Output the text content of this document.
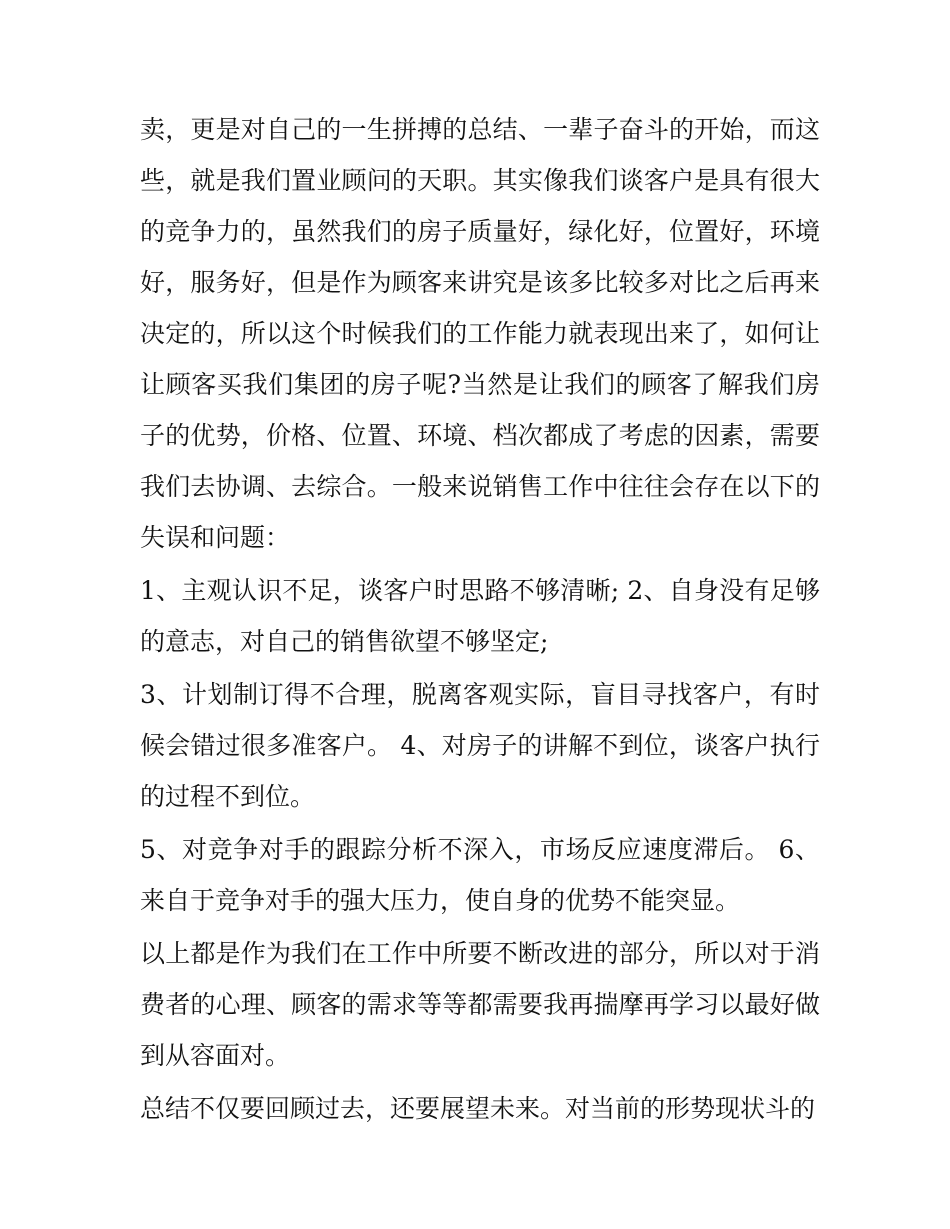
卖，更是对自己的一生拼搏的总结、一辈子奋斗的开始，而这些，就是我们置业顾问的天职。其实像我们谈客户是具有很大的竞争力的，虽然我们的房子质量好，绿化好，位置好，环境好，服务好，但是作为顾客来讲究是该多比较多对比之后再来决定的，所以这个时候我们的工作能力就表现出来了，如何让让顾客买我们集团的房子呢?当然是让我们的顾客了解我们房子的优势，价格、位置、环境、档次都成了考虑的因素，需要我们去协调、去综合。一般来说销售工作中往往会存在以下的失误和问题：

1、主观认识不足，谈客户时思路不够清晰; 2、自身没有足够的意志，对自己的销售欲望不够坚定;

3、计划制订得不合理，脱离客观实际，盲目寻找客户，有时候会错过很多准客户。 4、对房子的讲解不到位，谈客户执行的过程不到位。

5、对竞争对手的跟踪分析不深入，市场反应速度滞后。 6、来自于竞争对手的强大压力，使自身的优势不能突显。

以上都是作为我们在工作中所要不断改进的部分，所以对于消费者的心理、顾客的需求等等都需要我再揣摩再学习以最好做到从容面对。

总结不仅要回顾过去，还要展望未来。对当前的形势现状斗的
